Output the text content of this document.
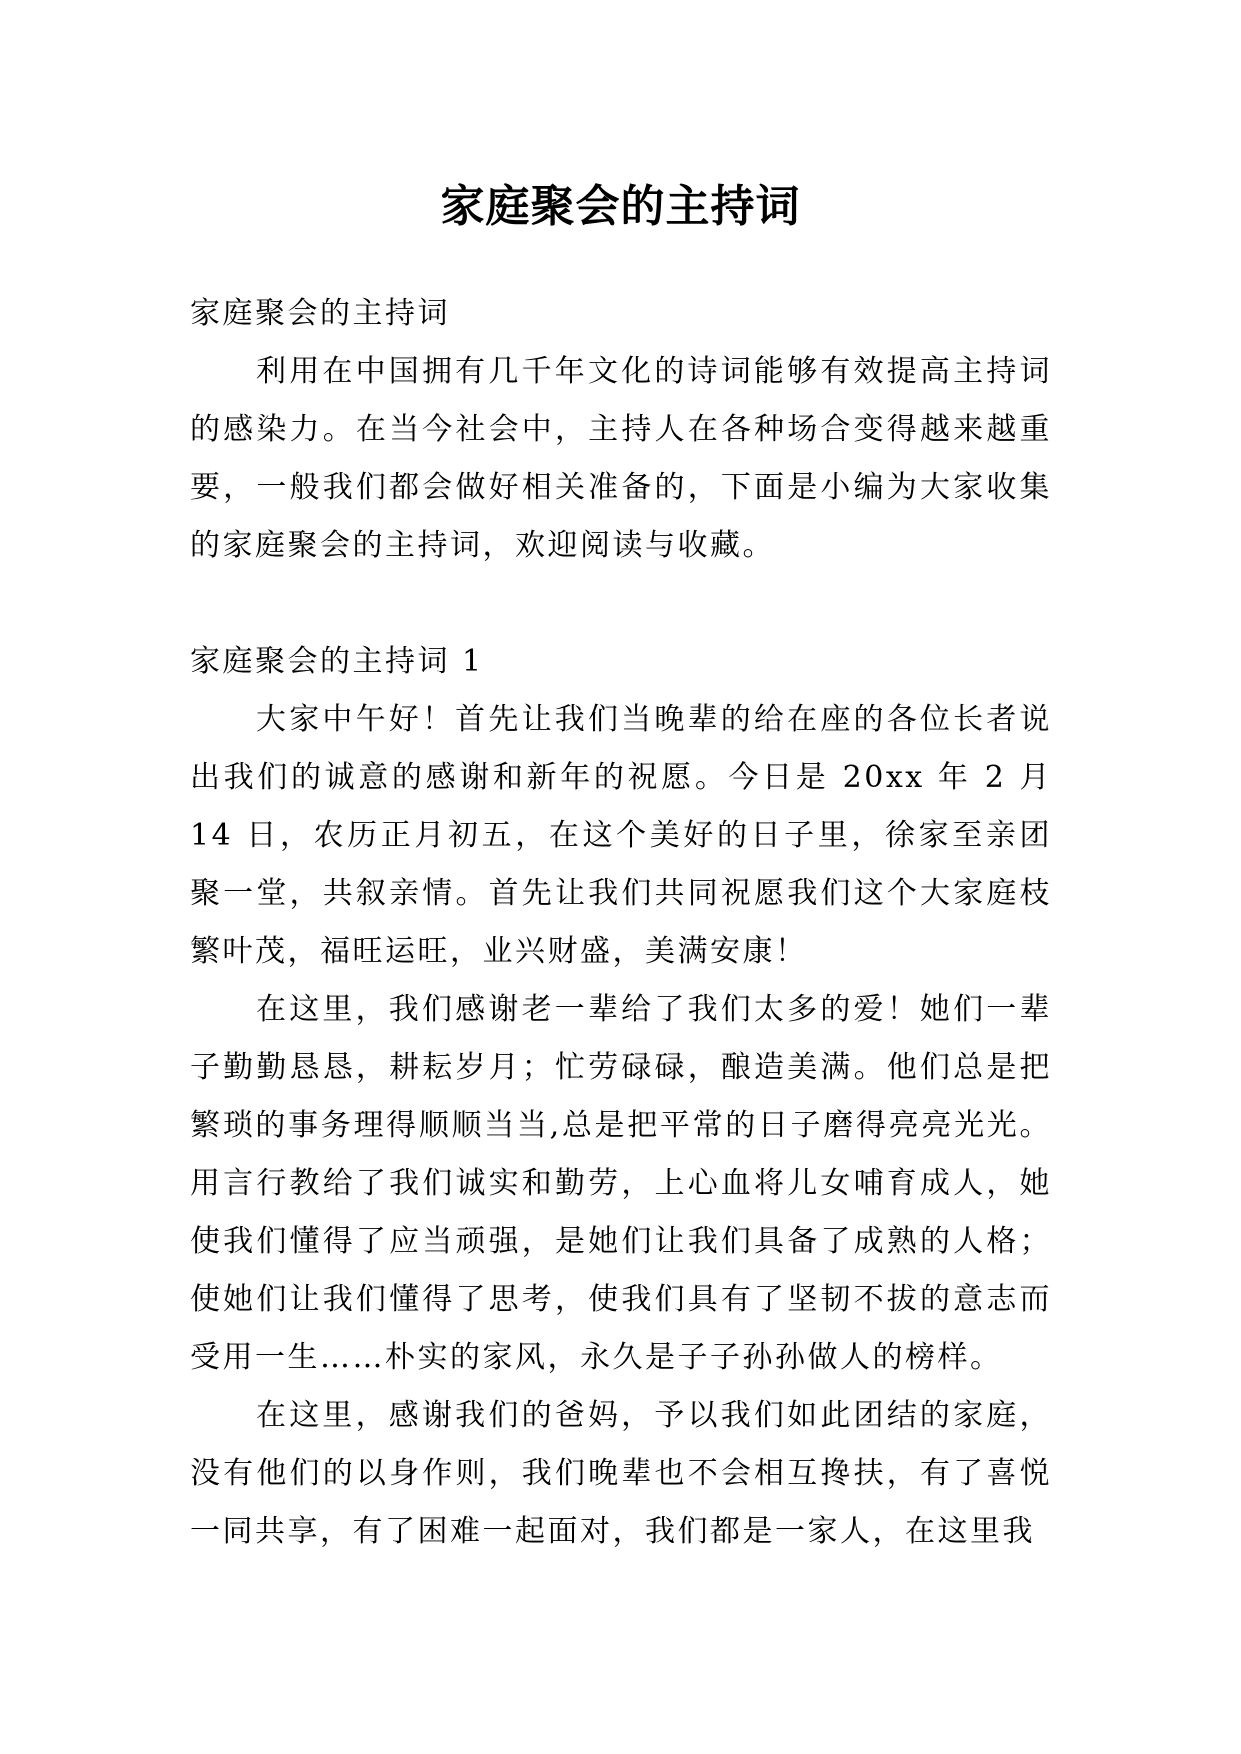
家庭聚会的主持词

家庭聚会的主持词

利用在中国拥有几千年文化的诗词能够有效提高主持词的感染力。在当今社会中，主持人在各种场合变得越来越重要，一般我们都会做好相关准备的，下面是小编为大家收集的家庭聚会的主持词，欢迎阅读与收藏。

家庭聚会的主持词 1

大家中午好！首先让我们当晚辈的给在座的各位长者说出我们的诚意的感谢和新年的祝愿。今日是 20xx 年 2 月 14 日，农历正月初五，在这个美好的日子里，徐家至亲团聚一堂，共叙亲情。首先让我们共同祝愿我们这个大家庭枝繁叶茂，福旺运旺，业兴财盛，美满安康！

在这里，我们感谢老一辈给了我们太多的爱！她们一辈子勤勤恳恳，耕耘岁月；忙劳碌碌，酿造美满。他们总是把繁琐的事务理得顺顺当当,总是把平常的日子磨得亮亮光光。用言行教给了我们诚实和勤劳，上心血将儿女哺育成人，她使我们懂得了应当顽强，是她们让我们具备了成熟的人格；使她们让我们懂得了思考，使我们具有了坚韧不拔的意志而受用一生……朴实的家风，永久是子子孙孙做人的榜样。

在这里，感谢我们的爸妈，予以我们如此团结的家庭，没有他们的以身作则，我们晚辈也不会相互搀扶，有了喜悦一同共享，有了困难一起面对，我们都是一家人，在这里我
